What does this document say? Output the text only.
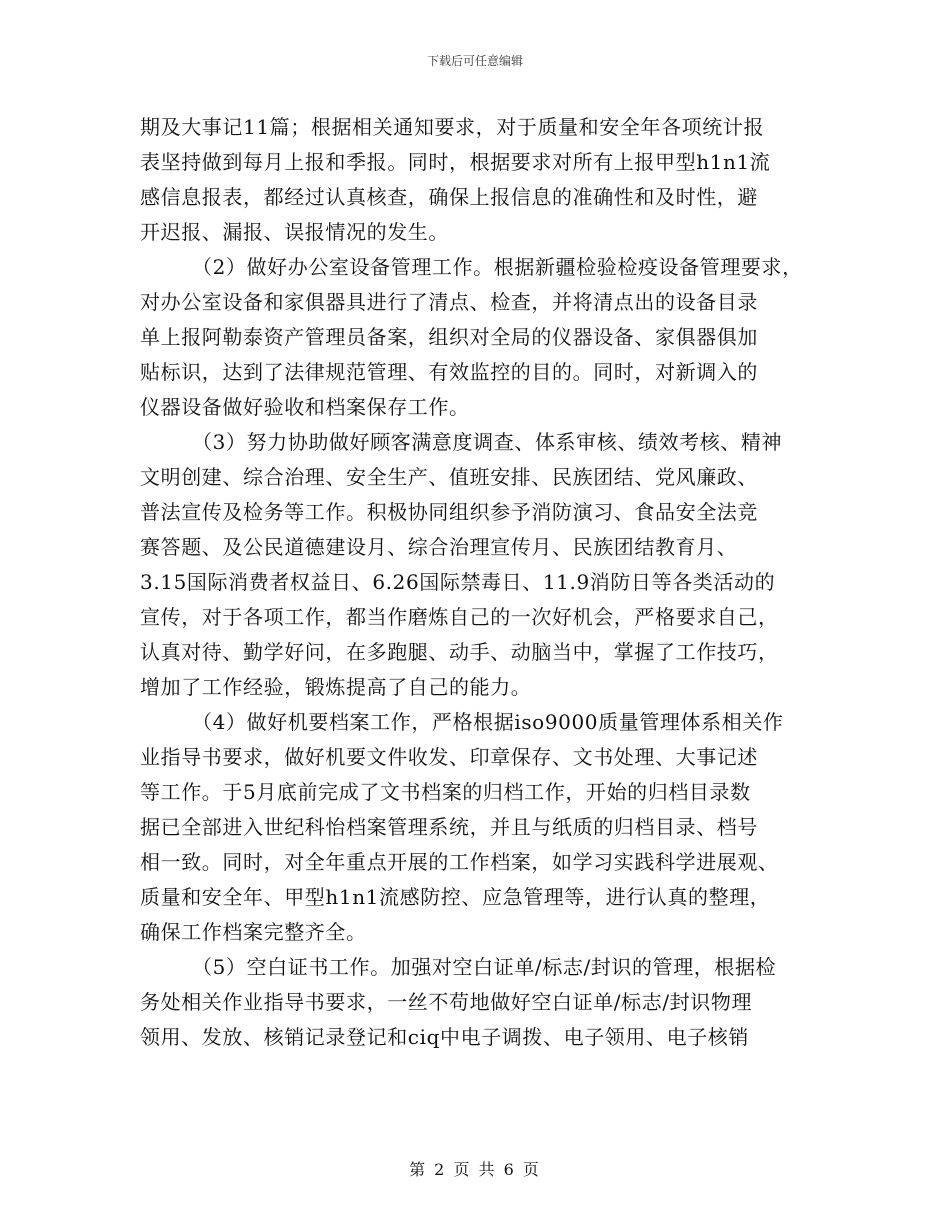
下载后可任意编辑
期及大事记11篇；根据相关通知要求，对于质量和安全年各项统计报
表坚持做到每月上报和季报。同时，根据要求对所有上报甲型h1n1流
感信息报表，都经过认真核查，确保上报信息的准确性和及时性，避
开迟报、漏报、误报情况的发生。
（2）做好办公室设备管理工作。根据新疆检验检疫设备管理要求，
对办公室设备和家俱器具进行了清点、检查，并将清点出的设备目录
单上报阿勒泰资产管理员备案，组织对全局的仪器设备、家俱器俱加
贴标识，达到了法律规范管理、有效监控的目的。同时，对新调入的
仪器设备做好验收和档案保存工作。
（3）努力协助做好顾客满意度调查、体系审核、绩效考核、精神
文明创建、综合治理、安全生产、值班安排、民族团结、党风廉政、
普法宣传及检务等工作。积极协同组织参予消防演习、食品安全法竞
赛答题、及公民道德建设月、综合治理宣传月、民族团结教育月、
3.15国际消费者权益日、6.26国际禁毒日、11.9消防日等各类活动的
宣传，对于各项工作，都当作磨炼自己的一次好机会，严格要求自己，
认真对待、勤学好问，在多跑腿、动手、动脑当中，掌握了工作技巧，
增加了工作经验，锻炼提高了自己的能力。
（4）做好机要档案工作，严格根据iso9000质量管理体系相关作
业指导书要求，做好机要文件收发、印章保存、文书处理、大事记述
等工作。于5月底前完成了文书档案的归档工作，开始的归档目录数
据已全部进入世纪科怡档案管理系统，并且与纸质的归档目录、档号
相一致。同时，对全年重点开展的工作档案，如学习实践科学进展观、
质量和安全年、甲型h1n1流感防控、应急管理等，进行认真的整理，
确保工作档案完整齐全。
（5）空白证书工作。加强对空白证单/标志/封识的管理，根据检
务处相关作业指导书要求，一丝不苟地做好空白证单/标志/封识物理
领用、发放、核销记录登记和ciq中电子调拨、电子领用、电子核销
第 2 页 共 6 页
